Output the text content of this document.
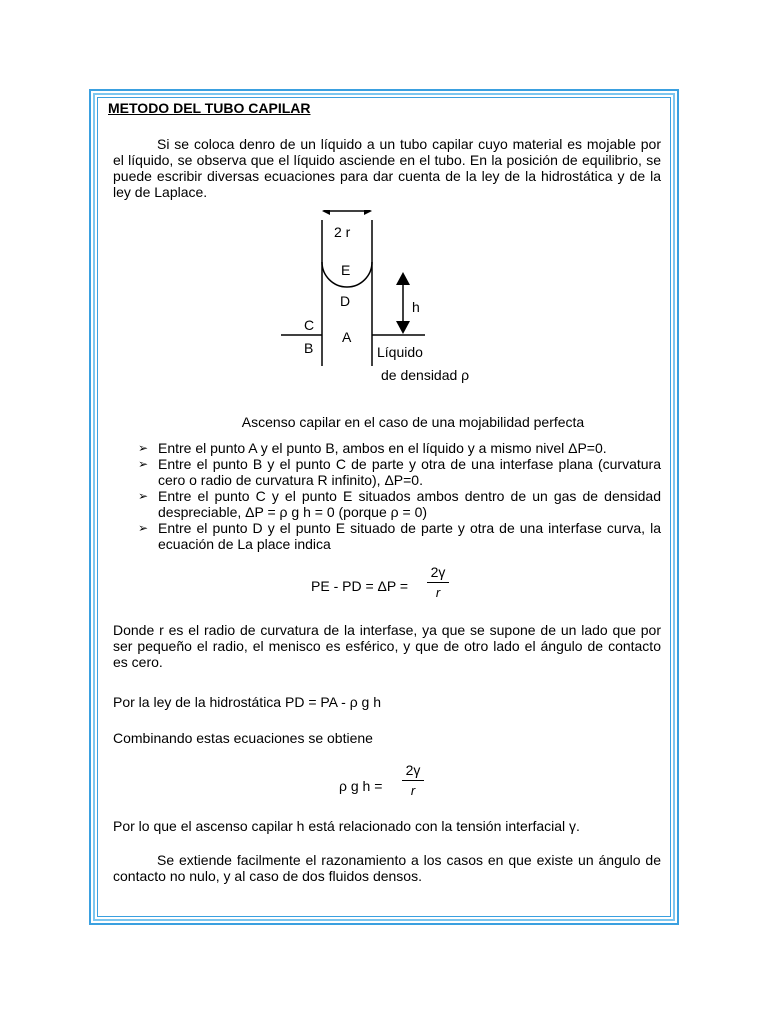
METODO DEL TUBO CAPILAR

Si se coloca denro de un líquido a un tubo capilar cuyo material es mojable por el líquido, se observa que el líquido asciende en el tubo. En la posición de equilibrio, se puede escribir diversas ecuaciones para dar cuenta de la ley de la hidrostática y de la ley de Laplace.

2 r
E
D	h
C
A
B	Líquido
de densidad ρ

Ascenso capilar en el caso de una mojabilidad perfecta

➢ Entre el punto A y el punto B, ambos en el líquido y a mismo nivel ΔP=0.
➢ Entre el punto B y el punto C de parte y otra de una interfase plana (curvatura cero o radio de curvatura R infinito), ΔP=0.
➢ Entre el punto C y el punto E situados ambos dentro de un gas de densidad despreciable, ΔP = ρ g h = 0 (porque ρ = 0)
➢ Entre el punto D y el punto E situado de parte y otra de una interfase curva, la ecuación de La place indica
PE - PD = ΔP =
2γ
r

Donde r es el radio de curvatura de la interfase, ya que se supone de un lado que por ser pequeño el radio, el menisco es esférico, y que de otro lado el ángulo de contacto es cero.

Por la ley de la hidrostática PD = PA - ρ g h

Combinando estas ecuaciones se obtiene

ρ g h =
2γ
r

Por lo que el ascenso capilar h está relacionado con la tensión interfacial γ.

Se extiende facilmente el razonamiento a los casos en que existe un ángulo de contacto no nulo, y al caso de dos fluidos densos.
